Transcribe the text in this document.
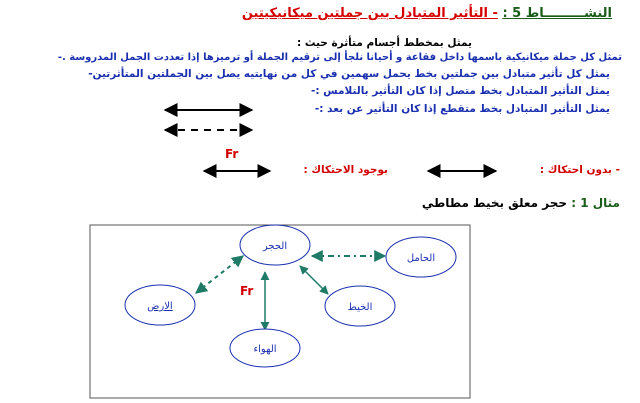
النشـــــــــاط 5 : - التأثير المتبادل بين جملتين ميكانيكيتين
يمثل بمخطط أجسام متأثرة حيث :
تمثل كل جملة ميكانيكية باسمها داخل فقاعة و أحيانا نلجأ إلى ترقيم الجملة أو ترميزها إذا تعددت الجمل المدروسة .-
يمثل كل تأثير متبادل بين جملتين بخط يحمل سهمين في كل من نهايتيه يصل بين الجملتين المتأثرتين-
يمثل التأثير المتبادل بخط متصل إذا كان التأثير بالتلامس :-
يمثل التأثير المتبادل بخط متقطع إذا كان التأثير عن بعد :-
Fr
- بدون احتكاك :
بوجود الاحتكاك :
مثال 1 : حجر معلق بخيط مطاطي
الحجر
الحامل
الارض	الخيط
الهواء
Fr
